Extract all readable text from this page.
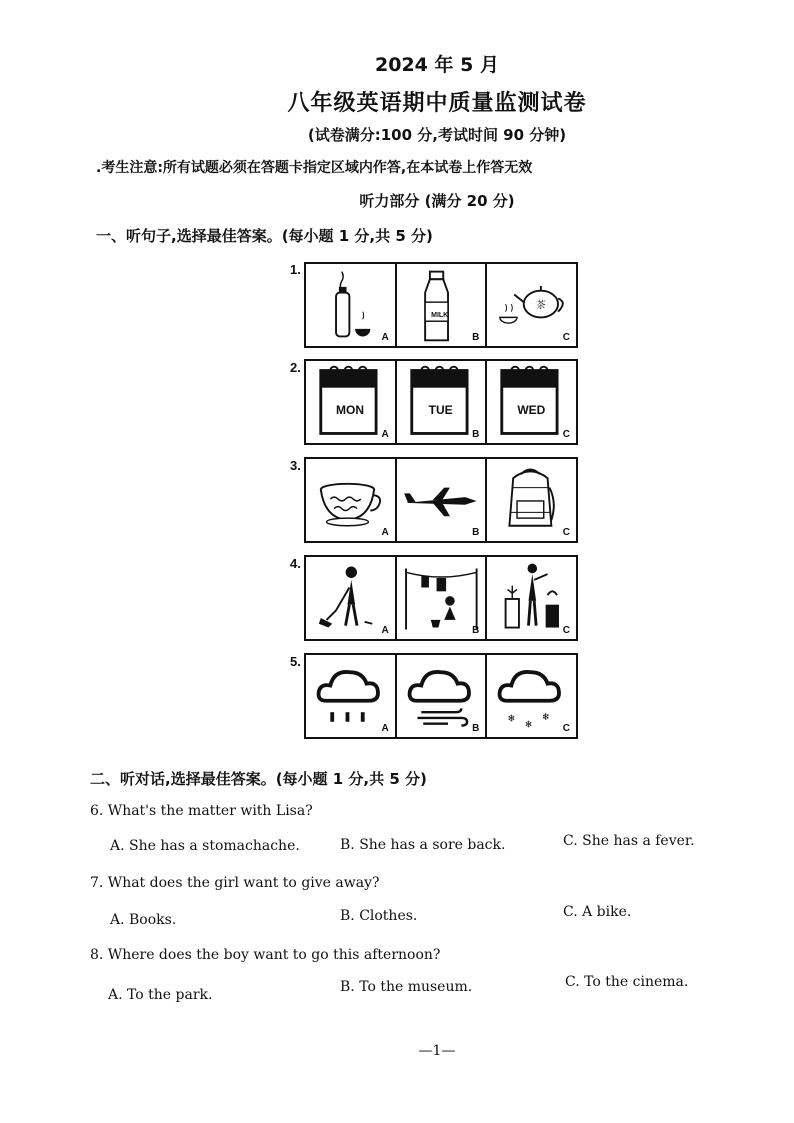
2024 年 5 月
八年级英语期中质量监测试卷
(试卷满分:100 分,考试时间 90 分钟)
.考生注意:所有试题必须在答题卡指定区域内作答,在本试卷上作答无效
听力部分 (满分 20 分)
一、听句子,选择最佳答案。(每小题 1 分,共 5 分)
1.
A
MILK
B
茶
C
2.
MON
A
TUE
B
WED
C
3.
A	B	C
4.
A	B	C
5.
A	B
❄
❄
❄
C
二、听对话,选择最佳答案。(每小题 1 分,共 5 分)
6. What's the matter with Lisa?
A. She has a stomachache.	B. She has a sore back.	C. She has a fever.
7. What does the girl want to give away?
A. Books.	B. Clothes.	C. A bike.
8. Where does the boy want to go this afternoon?
A. To the park.	B. To the museum.	C. To the cinema.
—1—
